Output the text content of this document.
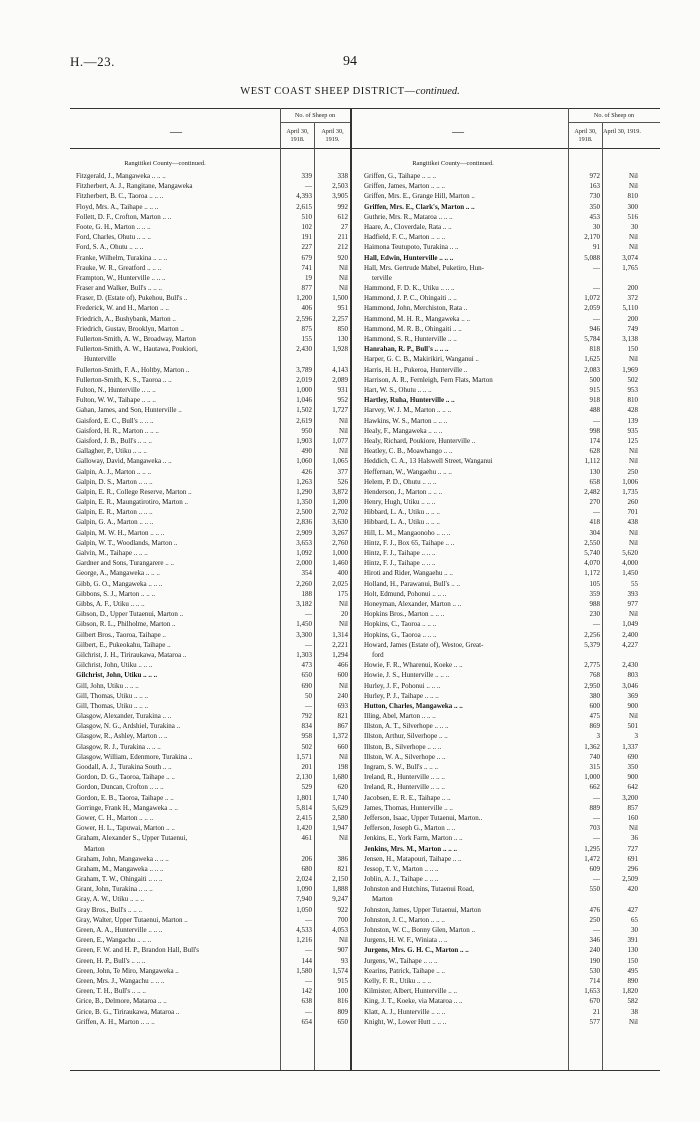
H.—23.	94
WEST COAST SHEEP DISTRICT—continued.
—
No. of Sheep on
April 30, 1918.
April 30, 1919.
—
No. of Sheep on
April 30, 1918.
April 30, 1919.
Rangitikei County—continued.	Rangitikei County—continued.
Fitzgerald, J., Mangaweka .. .. ..	339	338
Fitzherbert, A. J., Rangitane, Mangaweka	—	2,503
Fitzherbert, B. C., Taoroa .. .. ..	4,393	3,905
Floyd, Mrs. A., Taihape .. .. ..	2,615	992
Follett, D. F., Crofton, Marton .. ..	510	612
Foote, G. H., Marton .. .. ..	102	27
Ford, Charles, Ohutu .. .. ..	191	211
Ford, S. A., Ohutu .. .. ..	227	212
Franke, Wilhelm, Turakina .. .. ..	679	920
Frauke, W. R., Greatford .. .. ..	741	Nil
Frampton, W., Hunterville .. .. ..	19	Nil
Fraser and Walker, Bull's .. .. ..	877	Nil
Fraser, D. (Estate of), Pukehou, Bull's ..	1,200	1,500
Frederick, W. and H., Marton .. ..	406	951
Friedrich, A., Bushybank, Marton ..	2,596	2,257
Friedrich, Gustav, Brooklyn, Marton ..	875	850
Fullerton-Smith, A. W., Broadway, Marton	155	130
Fullerton-Smith, A. W., Hautawa, Poukiori,	2,430	1,928
Hunterville
Fullerton-Smith, F. A., Holtby, Marton ..	3,789	4,143
Fullerton-Smith, K. S., Taoroa .. ..	2,019	2,089
Fulton, N., Hunterville .. .. ..	1,000	931
Fulton, W. W., Taihape .. .. ..	1,046	952
Gahan, James, and Son, Hunterville ..	1,502	1,727
Gaisford, E. C., Bull's .. .. ..	2,619	Nil
Gaisford, H. R., Marton .. .. ..	950	Nil
Gaisford, J. B., Bull's .. .. ..	1,903	1,077
Gallagher, P., Utiku .. .. ..	490	Nil
Galloway, David, Mangaweka .. ..	1,060	1,065
Galpin, A. J., Marton .. .. ..	426	377
Galpin, D. S., Marton .. .. ..	1,263	526
Galpin, E. R., College Reserve, Marton ..	1,290	3,872
Galpin, E. R., Maungatirotiro, Marton ..	1,350	1,200
Galpin, E. R., Marton .. .. ..	2,500	2,702
Galpin, G. A., Marton .. .. ..	2,836	3,630
Galpin, M. W. H., Marton .. .. ..	2,909	3,267
Galpin, W. T., Woodlands, Marton ..	3,653	2,760
Galvin, M., Taihape .. .. ..	1,092	1,000
Gardner and Sons, Turangarere .. ..	2,000	1,460
George, A., Mangaweka .. .. ..	354	400
Gibb, G. O., Mangaweka .. .. ..	2,260	2,025
Gibbons, S. J., Marton .. .. ..	188	175
Gibbs, A. F., Utiku .. .. ..	3,182	Nil
Gibson, D., Upper Tutaenui, Marton ..	—	20
Gibson, R. L., Philholme, Marton ..	1,450	Nil
Gilbert Bros., Taoroa, Taihape ..	3,300	1,314
Gilbert, E., Pukeokahu, Taihape ..	—	2,221
Gilchrist, J. H., Tiriraukawa, Mataroa ..	1,303	1,294
Gilchrist, John, Utiku .. .. ..	473	466
Gilchrist, John, Utiku .. .. ..	650	600
Gill, John, Utiku .. .. ..	690	Nil
Gill, Thomas, Utiku .. .. ..	50	240
Gill, Thomas, Utiku .. .. ..	—	693
Glasgow, Alexander, Turakina .. ..	792	821
Glasgow, N. G., Ardshiel, Turakina ..	834	867
Glasgow, R., Ashley, Marton .. ..	958	1,372
Glasgow, R. J., Turakina .. .. ..	502	660
Glasgow, William, Edenmore, Turakina ..	1,571	Nil
Goodall, A. J., Turakina South .. ..	201	198
Gordon, D. G., Taoroa, Taihape .. ..	2,130	1,680
Gordon, Duncan, Crofton .. .. ..	529	620
Gordon, E. B., Taoroa, Taihape .. ..	1,801	1,740
Gorringe, Frank H., Mangaweka .. ..	5,814	5,629
Gower, C. H., Marton .. .. ..	2,415	2,580
Gower, H. L., Tapuwai, Marton .. ..	1,420	1,947
Graham, Alexander S., Upper Tutaenui,	461	Nil
Marton
Graham, John, Mangaweka .. .. ..	206	386
Graham, M., Mangaweka .. .. ..	680	821
Graham, T. W., Ohingaiti .. .. ..	2,024	2,150
Grant, John, Turakina .. .. ..	1,090	1,888
Gray, A. W., Utiku .. .. ..	7,940	9,247
Gray Bros., Bull's .. .. ..	1,050	922
Gray, Walter, Upper Tutaenui, Marton ..	—	700
Green, A. A., Hunterville .. .. ..	4,533	4,053
Green, E., Wangachu .. .. ..	1,216	Nil
Green, F. W. and H. P., Brandon Hall, Bull's	—	907
Green, H. P., Bull's .. .. ..	144	93
Green, John, Te Miro, Mangaweka ..	1,580	1,574
Green, Mrs. J., Wangachu .. .. ..	—	915
Green, T. H., Bull's .. .. ..	142	100
Grice, B., Delmore, Mataroa .. ..	638	816
Grice, B. G., Tiriraukawa, Mataroa ..	—	809
Griffen, A. H., Marton .. .. ..	654	650
Griffen, G., Taihape .. .. ..	972	Nil
Griffen, James, Marton .. .. ..	163	Nil
Griffen, Mrs. E., Grange Hill, Marton ..	730	810
Griffen, Mrs. E., Clark's, Marton .. ..	350	300
Guthrie, Mrs. R., Mataroa .. .. ..	453	516
Haare, A., Cloverdale, Rata .. ..	30	30
Hadfield, F. C., Marton .. .. ..	2,170	Nil
Haimona Teutupoto, Turakina .. ..	91	Nil
Hall, Edwin, Hunterville .. .. ..	5,088	3,074
Hall, Mrs. Gertrude Mabel, Puketiro, Hun-	—	1,765
terville
Hammond, F. D. K., Utiku .. .. ..	—	200
Hammond, J. P. C., Ohingaiti .. ..	1,072	372
Hammond, John, Merchiston, Rata ..	2,059	5,110
Hammond, M. H. R., Mangaweka .. ..	—	200
Hammond, M. R. B., Ohingaiti .. ..	946	749
Hammond, S. R., Hunterville .. ..	5,784	3,138
Hanrahan, R. P., Bull's .. .. ..	818	150
Harper, G. C. B., Makirikiri, Wanganui ..	1,625	Nil
Harris, H. H., Pukeroa, Hunterville ..	2,083	1,969
Harrison, A. R., Fernleigh, Fern Flats, Marton	500	502
Hart, W. S., Ohutu .. .. ..	915	953
Hartley, Ruha, Hunterville .. ..	918	810
Harvey, W. J. M., Marton .. .. ..	488	428
Hawkins, W. S., Marton .. .. ..	—	139
Healy, F., Mangaweka .. .. ..	998	935
Healy, Richard, Poukiore, Hunterville ..	174	125
Heatley, C. B., Moawhango .. ..	628	Nil
Heddich, C. A., 13 Halswell Street, Wanganui	1,112	Nil
Heffernan, W., Wangaehu .. .. ..	130	250
Helem, P. D., Ohutu .. .. ..	658	1,006
Henderson, J., Marton .. .. ..	2,482	1,735
Henry, Hugh, Utiku .. .. ..	270	260
Hibbard, L. A., Utiku .. .. ..	—	701
Hibbard, L. A., Utiku .. .. ..	418	438
Hill, L. M., Mangaonoho .. .. ..	304	Nil
Hintz, F. J., Box 65, Taihape .. ..	2,550	Nil
Hintz, F. J., Taihape .. .. ..	5,740	5,620
Hintz, F. J., Taihape .. .. ..	4,070	4,000
Hiroti and Rider, Wangaehu .. ..	1,172	1,450
Holland, H., Parawanui, Bull's .. ..	105	55
Holt, Edmund, Pohonui .. .. ..	359	393
Honeyman, Alexander, Marton .. ..	988	977
Hopkins Bros., Marton .. .. ..	230	Nil
Hopkins, C., Taoroa .. .. ..	—	1,049
Hopkins, G., Taoroa .. .. ..	2,256	2,400
Howard, James (Estate of), Westoe, Great-	5,379	4,227
ford
Howie, F. R., Wharenui, Koeke .. ..	2,775	2,430
Howie, J. S., Hunterville .. .. ..	768	803
Hurley, J. F., Pohonui .. .. ..	2,950	3,046
Hurley, P. J., Taihape .. .. ..	380	369
Hutton, Charles, Mangaweka .. ..	600	900
Illing, Abel, Marton .. .. ..	475	Nil
Illston, A. T., Silverhope .. .. ..	869	501
Illston, Arthur, Silverhope .. ..	3	3
Illston, B., Silverhope .. .. ..	1,362	1,337
Illston, W. A., Silverhope .. ..	740	690
Ingram, S. W., Bull's .. .. ..	315	350
Ireland, R., Hunterville .. .. ..	1,000	900
Ireland, R., Hunterville .. .. ..	662	642
Jacobsen, E. R. E., Taihape .. ..	—	3,200
James, Thomas, Hunterville .. ..	889	857
Jefferson, Isaac, Upper Tutaenui, Marton..	—	160
Jefferson, Joseph G., Marton .. ..	703	Nil
Jenkins, E., York Farm, Marton .. ..	—	36
Jenkins, Mrs. M., Marton .. .. ..	1,295	727
Jensen, H., Matapouri, Taihape .. ..	1,472	691
Jessop, T. V., Marton .. .. ..	609	296
Joblin, A. J., Taihape .. .. ..	—	2,509
Johnston and Hutchins, Tutaenui Road,	550	420
Marton
Johnston, James, Upper Tutaenui, Marton	476	427
Johnston, J. C., Marton .. .. ..	250	65
Johnston, W. C., Bonny Glen, Marton ..	—	30
Jurgens, H. W. F., Winiata .. ..	346	391
Jurgens, Mrs. G. H. C., Marton .. ..	240	130
Jurgens, W., Taihape .. .. ..	190	150
Kearins, Patrick, Taihape .. ..	530	495
Kelly, F. R., Utiku .. .. ..	714	890
Kilmister, Albert, Hunterville .. ..	1,653	1,820
King, J. T., Koeke, via Mataroa .. ..	670	582
Klatt, A. J., Hunterville .. .. ..	21	38
Knight, W., Lower Hutt .. .. ..	577	Nil
